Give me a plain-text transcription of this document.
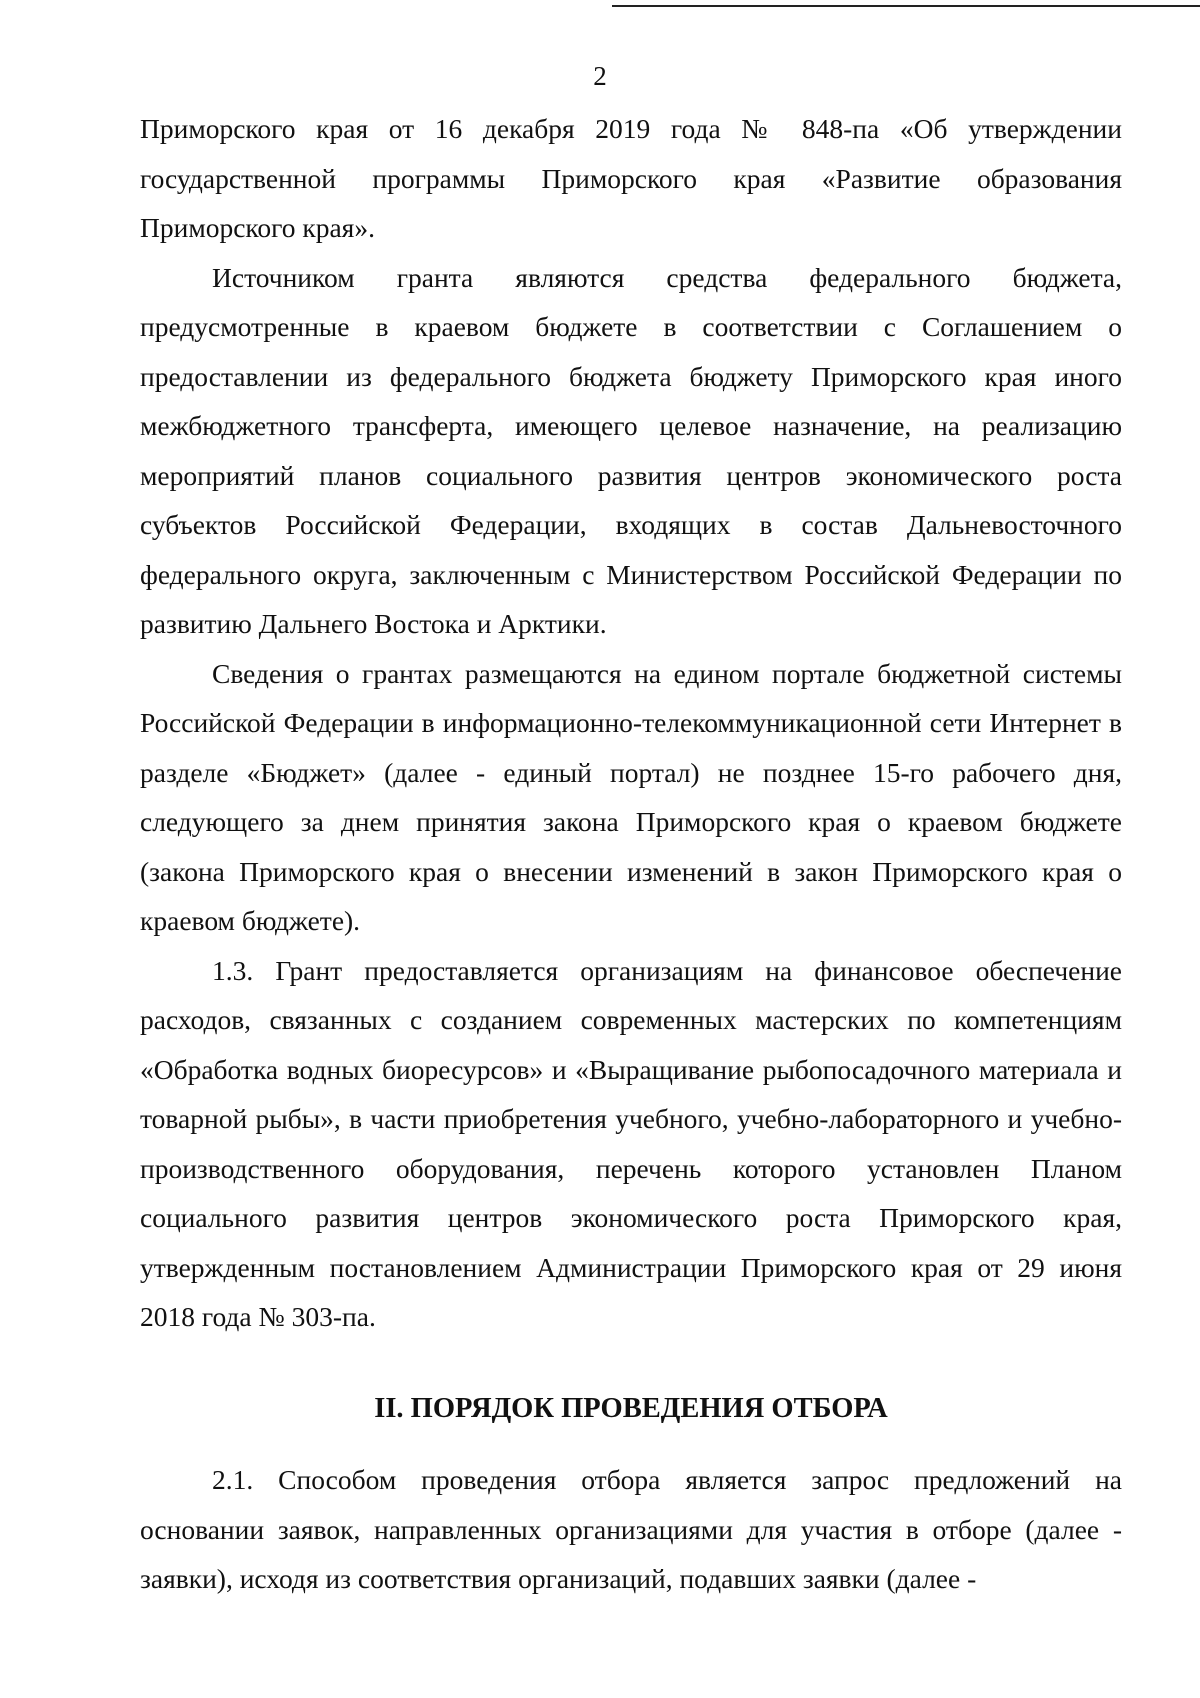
2

Приморского края от 16 декабря 2019 года № 848-па «Об утверждении государственной программы Приморского края «Развитие образования Приморского края».

Источником гранта являются средства федерального бюджета, предусмотренные в краевом бюджете в соответствии с Соглашением о предоставлении из федерального бюджета бюджету Приморского края иного межбюджетного трансферта, имеющего целевое назначение, на реализацию мероприятий планов социального развития центров экономического роста субъектов Российской Федерации, входящих в состав Дальневосточного федерального округа, заключенным с Министерством Российской Федерации по развитию Дальнего Востока и Арктики.

Сведения о грантах размещаются на едином портале бюджетной системы Российской Федерации в информационно-телекоммуникационной сети Интернет в разделе «Бюджет» (далее - единый портал) не позднее 15-го рабочего дня, следующего за днем принятия закона Приморского края о краевом бюджете (закона Приморского края о внесении изменений в закон Приморского края о краевом бюджете).

1.3. Грант предоставляется организациям на финансовое обеспечение расходов, связанных с созданием современных мастерских по компетенциям «Обработка водных биоресурсов» и «Выращивание рыбопосадочного материала и товарной рыбы», в части приобретения учебного, учебно-лабораторного и учебно-производственного оборудования, перечень которого установлен Планом социального развития центров экономического роста Приморского края, утвержденным постановлением Администрации Приморского края от 29 июня 2018 года № 303-па.

II. ПОРЯДОК ПРОВЕДЕНИЯ ОТБОРА

2.1. Способом проведения отбора является запрос предложений на основании заявок, направленных организациями для участия в отборе (далее - заявки), исходя из соответствия организаций, подавших заявки (далее -
